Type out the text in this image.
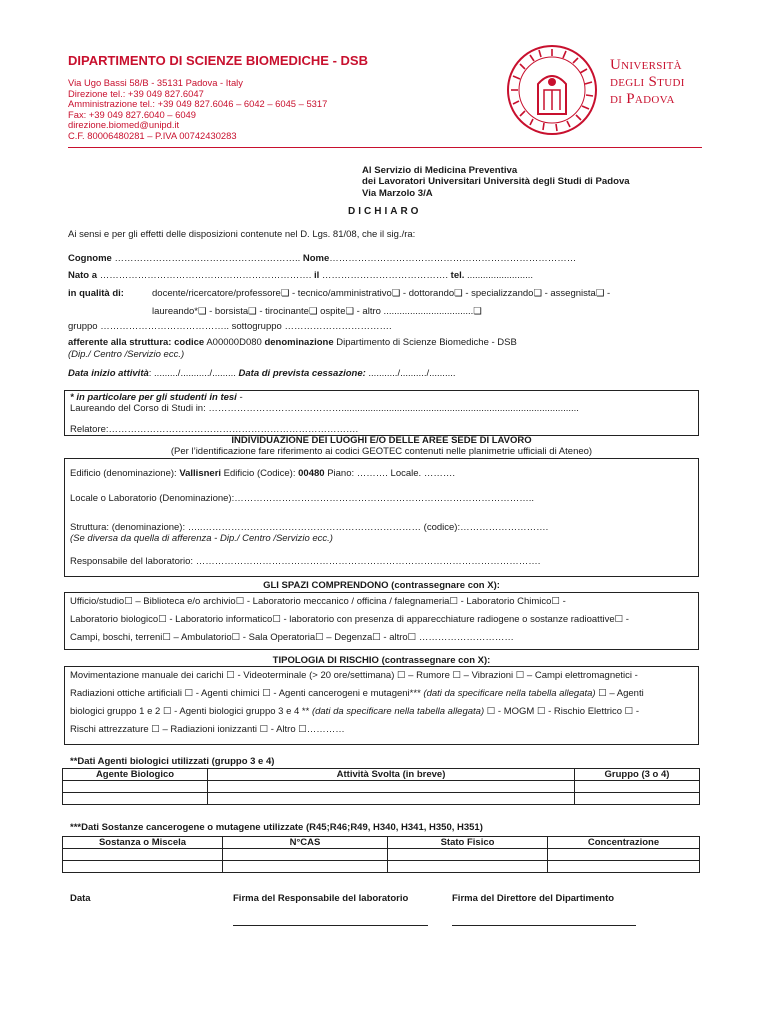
DIPARTIMENTO DI SCIENZE BIOMEDICHE - DSB
Via Ugo Bassi 58/B - 35131 Padova - Italy
Direzione tel.: +39 049 827.6047
Amministrazione tel.: +39 049 827.6046 – 6042 – 6045 – 5317
Fax: +39 049 827.6040 – 6049
direzione.biomed@unipd.it
C.F. 80006480281 – P.IVA 00742430283
Università
degli Studi
di Padova
Al Servizio di Medicina Preventiva
dei Lavoratori Universitari Università degli Studi di Padova
Via Marzolo 3/A
DICHIARO
Ai sensi e per gli effetti delle disposizioni contenute nel D. Lgs. 81/08, che il sig./ra:
Cognome ………………………………………………….. Nome……………………………………………………………………
Nato a …………………………………………………………. il …………………………………. tel. .........................
in qualità di:	docente/ricercatore/professore❏ - tecnico/amministrativo❏ - dottorando❏ - specializzando❏ - assegnista❏ -
laureando*❏ - borsista❏ - tirocinante❏ ospite❏ - altro ..................................❏
gruppo ………………………………….. sottogruppo …………………………….
afferente alla struttura: codice A00000D080 denominazione Dipartimento di Scienze Biomediche - DSB
(Dip./ Centro /Servizio ecc.)
Data inizio attività: ........./.........../......... Data di prevista cessazione: .........../........../..........
* in particolare per gli studenti in tesi -
Laureando del Corso di Studi in: ……………………………………..........................................................................................
Relatore:…………………………………………………………………….
INDIVIDUAZIONE DEI LUOGHI E/O DELLE AREE SEDE DI LAVORO
(Per l’identificazione fare riferimento ai codici GEOTEC contenuti nelle planimetrie ufficiali di Ateneo)
Edificio (denominazione): Vallisneri Edificio (Codice): 00480 Piano: ………. Locale. ……….
Locale o Laboratorio (Denominazione):…………………………………………………………………………………..
Struttura: (denominazione): …..…………………………………………………………… (codice):……………………….
(Se diversa da quella di afferenza - Dip./ Centro /Servizio ecc.)
Responsabile del laboratorio: ……………………………………………………………………………………………….
GLI SPAZI COMPRENDONO (contrassegnare con X):
Ufficio/studio☐ – Biblioteca e/o archivio☐ - Laboratorio meccanico / officina / falegnameria☐ - Laboratorio Chimico☐ -
Laboratorio biologico☐ - Laboratorio informatico☐ - laboratorio con presenza di apparecchiature radiogene o sostanze radioattive☐ -
Campi, boschi, terreni☐ – Ambulatorio☐ - Sala Operatoria☐ – Degenza☐ - altro☐ …………………………
TIPOLOGIA DI RISCHIO (contrassegnare con X):
Movimentazione manuale dei carichi ☐ - Videoterminale (> 20 ore/settimana) ☐ – Rumore ☐ – Vibrazioni ☐ – Campi elettromagnetici -
Radiazioni ottiche artificiali ☐ - Agenti chimici ☐ - Agenti cancerogeni e mutageni*** (dati da specificare nella tabella allegata) ☐ – Agenti
biologici gruppo 1 e 2 ☐ - Agenti biologici gruppo 3 e 4 ** (dati da specificare nella tabella allegata) ☐ - MOGM ☐ - Rischio Elettrico ☐ -
Rischi attrezzature ☐ – Radiazioni ionizzanti ☐ - Altro ☐…………
**Dati Agenti biologici utilizzati (gruppo 3 e 4)
Agente Biologico	Attività Svolta (in breve)	Gruppo (3 o 4)

***Dati Sostanze cancerogene o mutagene utilizzate (R45;R46;R49, H340, H341, H350, H351)
Sostanza o Miscela	N°CAS	Stato Fisico	Concentrazione

Data	Firma del Responsabile del laboratorio	Firma del Direttore del Dipartimento
